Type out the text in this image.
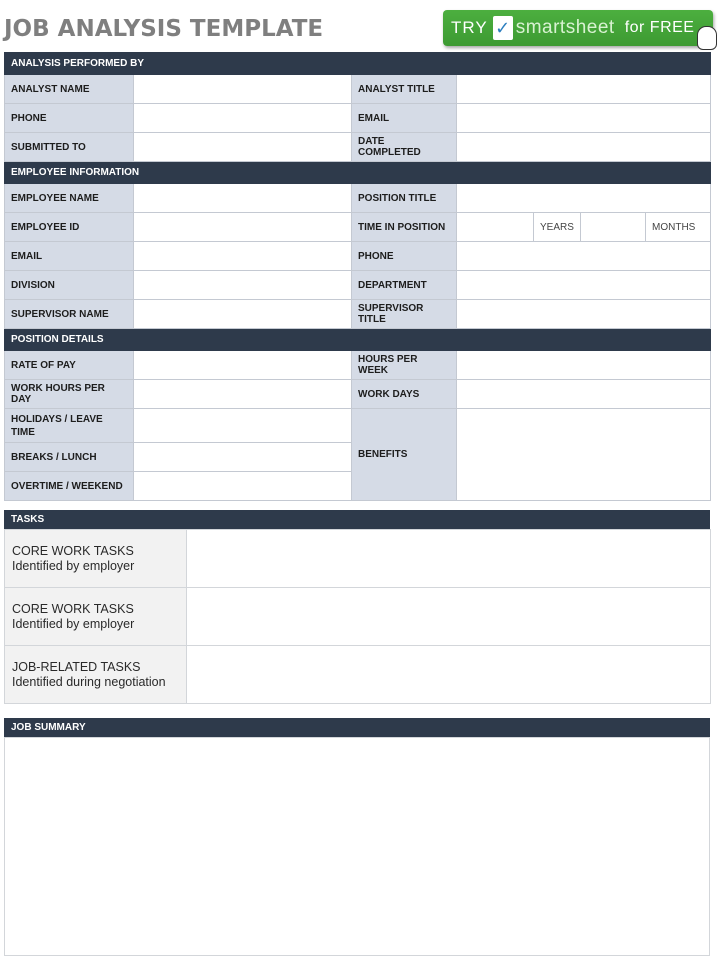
JOB ANALYSIS TEMPLATE	TRY ✓ smartsheet for FREE
ANALYSIS PERFORMED BY						
ANALYST NAME		ANALYST TITLE				
PHONE		EMAIL				
SUBMITTED TO		DATE COMPLETED				
EMPLOYEE INFORMATION						
EMPLOYEE NAME		POSITION TITLE				
EMPLOYEE ID		TIME IN POSITION		YEARS		MONTHS
EMAIL		PHONE				
DIVISION		DEPARTMENT				
SUPERVISOR NAME		SUPERVISOR TITLE				
POSITION DETAILS						
RATE OF PAY		HOURS PER WEEK				
WORK HOURS PER DAY		WORK DAYS				
HOLIDAYS / LEAVE TIME		BENEFITS				
BREAKS / LUNCH						
OVERTIME / WEEKEND						
TASKS
CORE WORK TASKS
Identified by employer	

CORE WORK TASKS
Identified by employer	

JOB-RELATED TASKS
Identified during negotiation	

JOB SUMMARY
